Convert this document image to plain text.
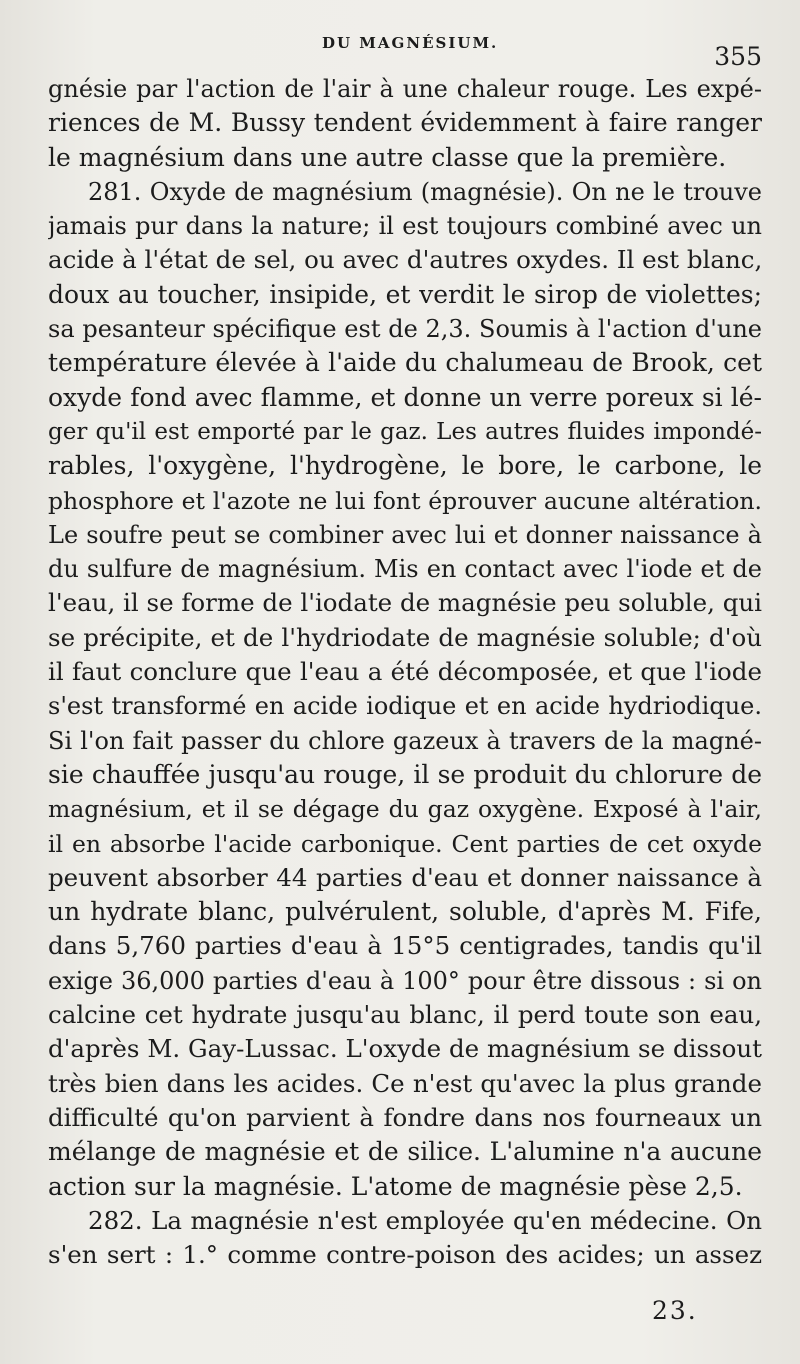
DU MAGNÉSIUM.	355
gnésie par l'action de l'air à une chaleur rouge. Les expé-
riences de M. Bussy tendent évidemment à faire ranger
le magnésium dans une autre classe que la première.
281. Oxyde de magnésium (magnésie). On ne le trouve
jamais pur dans la nature; il est toujours combiné avec un
acide à l'état de sel, ou avec d'autres oxydes. Il est blanc,
doux au toucher, insipide, et verdit le sirop de violettes;
sa pesanteur spécifique est de 2,3. Soumis à l'action d'une
température élevée à l'aide du chalumeau de Brook, cet
oxyde fond avec flamme, et donne un verre poreux si lé-
ger qu'il est emporté par le gaz. Les autres fluides impondé-
rables, l'oxygène, l'hydrogène, le bore, le carbone, le
phosphore et l'azote ne lui font éprouver aucune altération.
Le soufre peut se combiner avec lui et donner naissance à
du sulfure de magnésium. Mis en contact avec l'iode et de
l'eau, il se forme de l'iodate de magnésie peu soluble, qui
se précipite, et de l'hydriodate de magnésie soluble; d'où
il faut conclure que l'eau a été décomposée, et que l'iode
s'est transformé en acide iodique et en acide hydriodique.
Si l'on fait passer du chlore gazeux à travers de la magné-
sie chauffée jusqu'au rouge, il se produit du chlorure de
magnésium, et il se dégage du gaz oxygène. Exposé à l'air,
il en absorbe l'acide carbonique. Cent parties de cet oxyde
peuvent absorber 44 parties d'eau et donner naissance à
un hydrate blanc, pulvérulent, soluble, d'après M. Fife,
dans 5,760 parties d'eau à 15°5 centigrades, tandis qu'il
exige 36,000 parties d'eau à 100° pour être dissous : si on
calcine cet hydrate jusqu'au blanc, il perd toute son eau,
d'après M. Gay-Lussac. L'oxyde de magnésium se dissout
très bien dans les acides. Ce n'est qu'avec la plus grande
difficulté qu'on parvient à fondre dans nos fourneaux un
mélange de magnésie et de silice. L'alumine n'a aucune
action sur la magnésie. L'atome de magnésie pèse 2,5.
282. La magnésie n'est employée qu'en médecine. On
s'en sert : 1.° comme contre-poison des acides; un assez
23.
